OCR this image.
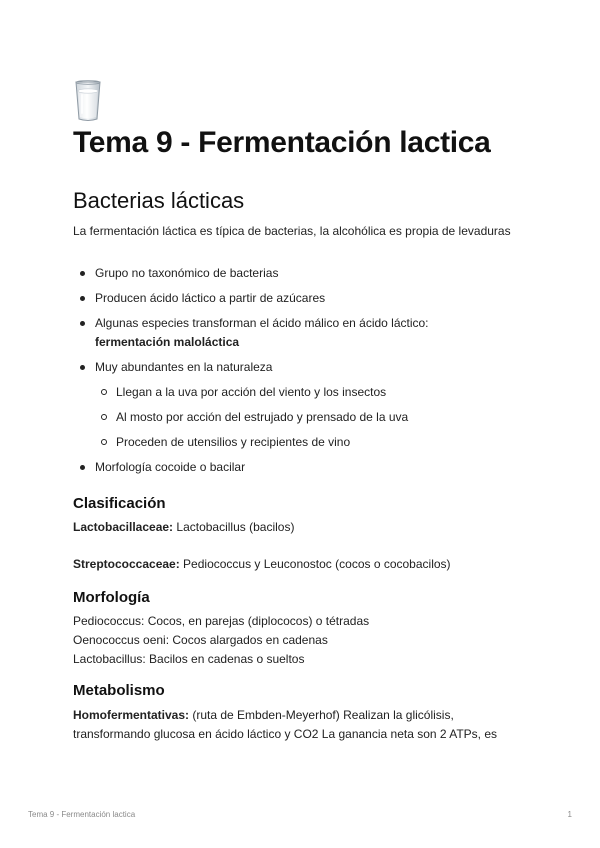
Tema 9 - Fermentación lactica
Bacterias lácticas

La fermentación láctica es típica de bacterias, la alcohólica es propia de levaduras

Grupo no taxonómico de bacterias
Producen ácido láctico a partir de azúcares
Algunas especies transforman el ácido málico en ácido láctico:
fermentación maloláctica
Muy abundantes en la naturaleza
Llegan a la uva por acción del viento y los insectos
Al mosto por acción del estrujado y prensado de la uva
Proceden de utensilios y recipientes de vino
Morfología cocoide o bacilar
Clasificación

Lactobacillaceae: Lactobacillus (bacilos)

Streptococcaceae: Pediococcus y Leuconostoc (cocos o cocobacilos)

Morfología

Pediococcus: Cocos, en parejas (diplococos) o tétradas

Oenococcus oeni: Cocos alargados en cadenas

Lactobacillus: Bacilos en cadenas o sueltos

Metabolismo

Homofermentativas: (ruta de Embden-Meyerhof) Realizan la glicólisis,

transformando glucosa en ácido láctico y CO2 La ganancia neta son 2 ATPs, es

Tema 9 - Fermentación lactica	1
